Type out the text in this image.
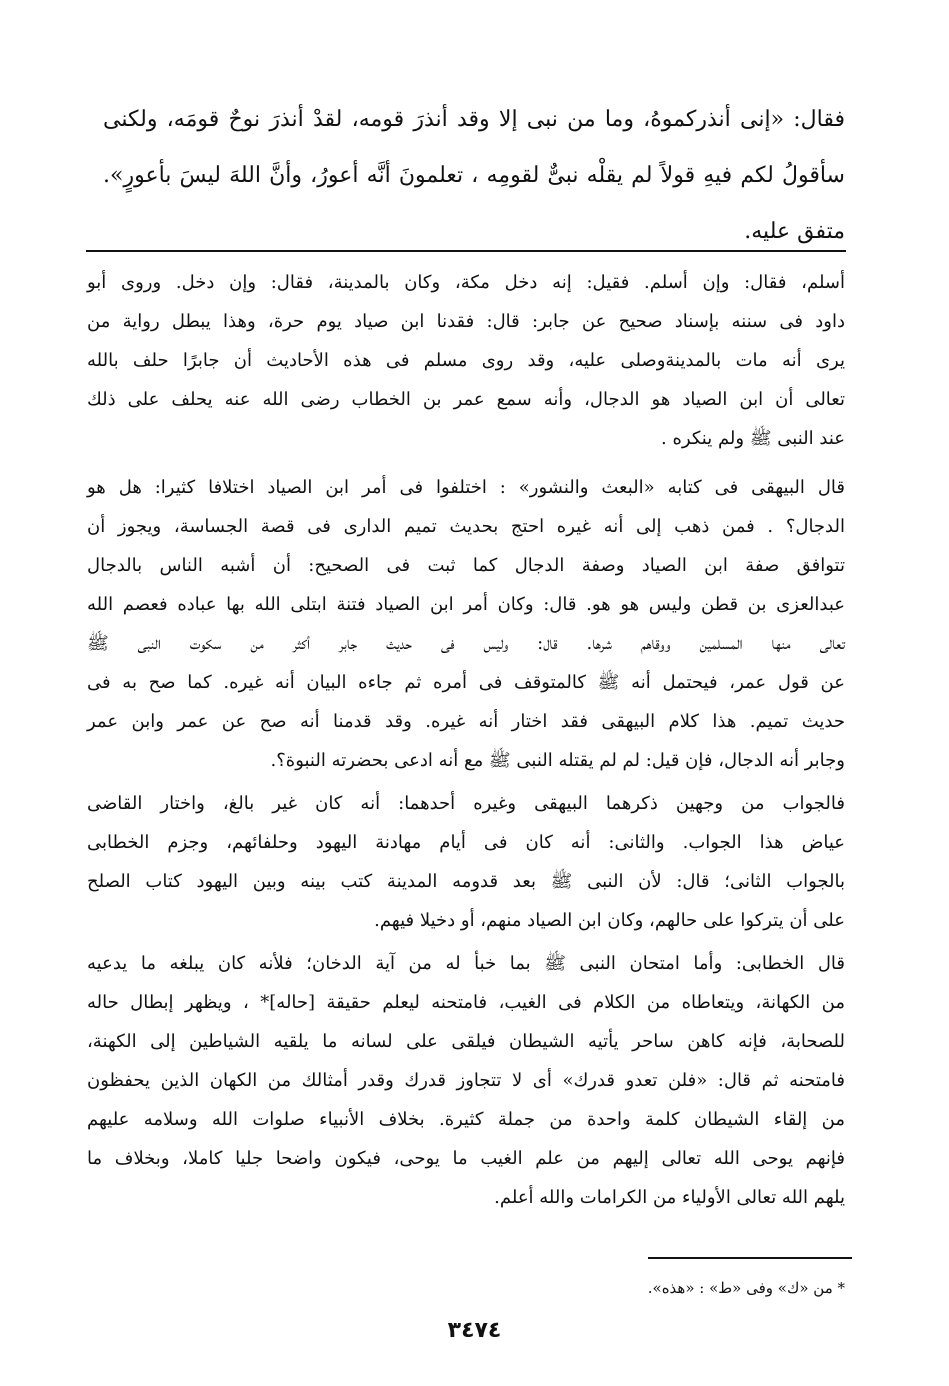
فقال: «إنى أنذركموهُ، وما من نبى إلا وقد أنذرَ قومه، لقدْ أنذرَ نوحٌ قومَه، ولكنى
سأقولُ لكم فيهِ قولاً لم يقلْه نبىٌّ لقومِه ، تعلمونَ أنَّه أعورُ، وأنَّ اللهَ ليسَ بأعورٍ».
متفق عليه.
أسلم، فقال: وإن أسلم. فقيل: إنه دخل مكة، وكان بالمدينة، فقال: وإن دخل. وروى أبو
داود فى سننه بإسناد صحيح عن جابر: قال: فقدنا ابن صياد يوم حرة، وهذا يبطل رواية من
يرى أنه مات بالمدينةوصلى عليه، وقد روى مسلم فى هذه الأحاديث أن جابرًا حلف بالله
تعالى أن ابن الصياد هو الدجال، وأنه سمع عمر بن الخطاب رضى الله عنه يحلف على ذلك
عند النبى ﷺ ولم ينكره .
قال البيهقى فى كتابه «البعث والنشور» : اختلفوا فى أمر ابن الصياد اختلافا كثيرا: هل هو
الدجال؟ . فمن ذهب إلى أنه غيره احتج بحديث تميم الدارى فى قصة الجساسة، ويجوز أن
تتوافق صفة ابن الصياد وصفة الدجال كما ثبت فى الصحيح: أن أشبه الناس بالدجال
عبدالعزى بن قطن وليس هو هو. قال: وكان أمر ابن الصياد فتنة ابتلى الله بها عباده فعصم الله
تعالى منها المسلمين ووقاهم شرها. قال: وليس فى حديث جابر أكثر من سكوت النبى ﷺ
عن قول عمر، فيحتمل أنه ﷺ كالمتوقف فى أمره ثم جاءه البيان أنه غيره. كما صح به فى
حديث تميم. هذا كلام البيهقى فقد اختار أنه غيره. وقد قدمنا أنه صح عن عمر وابن عمر
وجابر أنه الدجال، فإن قيل: لم لم يقتله النبى ﷺ مع أنه ادعى بحضرته النبوة؟.
فالجواب من وجهين ذكرهما البيهقى وغيره أحدهما: أنه كان غير بالغ، واختار القاضى
عياض هذا الجواب. والثانى: أنه كان فى أيام مهادنة اليهود وحلفائهم، وجزم الخطابى
بالجواب الثانى؛ قال: لأن النبى ﷺ بعد قدومه المدينة كتب بينه وبين اليهود كتاب الصلح
على أن يتركوا على حالهم، وكان ابن الصياد منهم، أو دخيلا فيهم.
قال الخطابى: وأما امتحان النبى ﷺ بما خبأ له من آية الدخان؛ فلأنه كان يبلغه ما يدعيه
من الكهانة، ويتعاطاه من الكلام فى الغيب، فامتحنه ليعلم حقيقة [حاله]* ، ويظهر إبطال حاله
للصحابة، فإنه كاهن ساحر يأتيه الشيطان فيلقى على لسانه ما يلقيه الشياطين إلى الكهنة،
فامتحنه ثم قال: «فلن تعدو قدرك» أى لا تتجاوز قدرك وقدر أمثالك من الكهان الذين يحفظون
من إلقاء الشيطان كلمة واحدة من جملة كثيرة. بخلاف الأنبياء صلوات الله وسلامه عليهم
فإنهم يوحى الله تعالى إليهم من علم الغيب ما يوحى، فيكون واضحا جليا كاملا، وبخلاف ما
يلهم الله تعالى الأولياء من الكرامات والله أعلم.
* من «ك» وفى «ط» : «هذه».
٣٤٧٤
